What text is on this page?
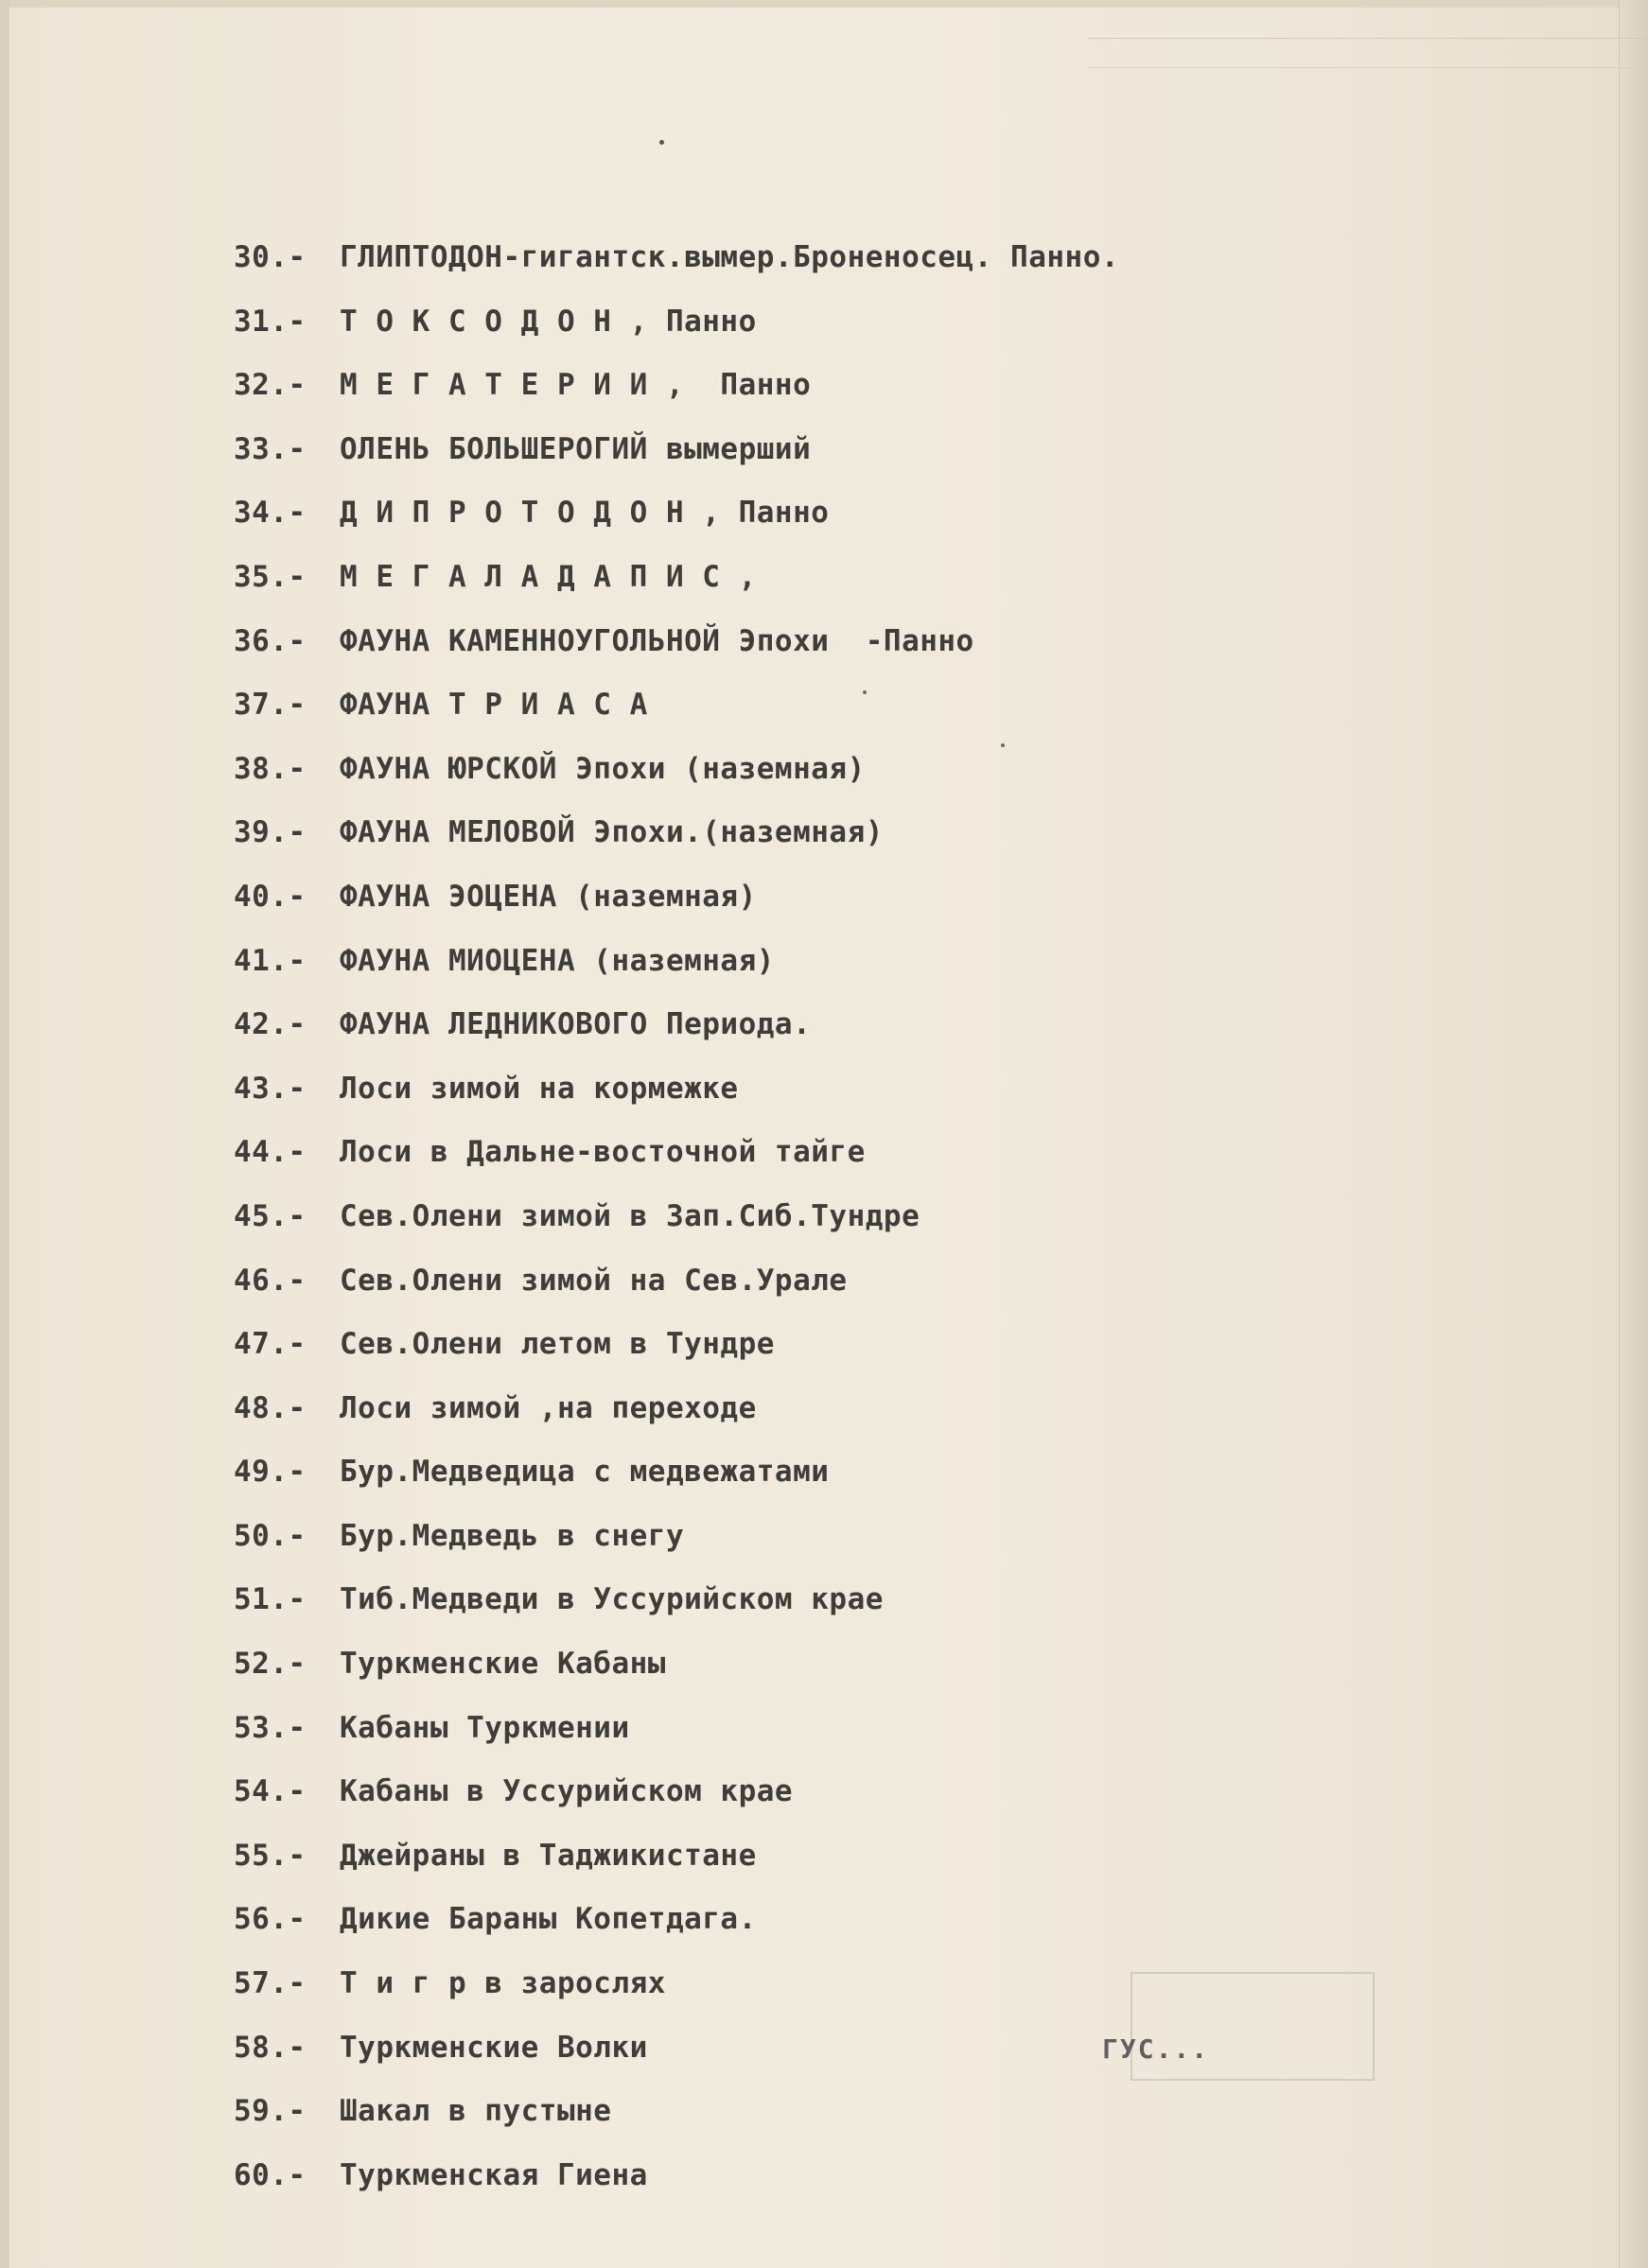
30.- ГЛИПТОДОН-гигантск.вымер.Броненосец. Панно.
31.- Т О К С О Д О Н , Панно
32.- М Е Г А Т Е Р И И ,  Панно
33.- ОЛЕНЬ БОЛЬШЕРОГИЙ вымерший
34.- Д И П Р О Т О Д О Н , Панно
35.- М Е Г А Л А Д А П И С ,
36.- ФАУНА КАМЕННОУГОЛЬНОЙ Эпохи  -Панно
37.- ФАУНА Т Р И А С А
38.- ФАУНА ЮРСКОЙ Эпохи (наземная)
39.- ФАУНА МЕЛОВОЙ Эпохи.(наземная)
40.- ФАУНА ЭОЦЕНА (наземная)
41.- ФАУНА МИОЦЕНА (наземная)
42.- ФАУНА ЛЕДНИКОВОГО Периода.
43.- Лоси зимой на кормежке
44.- Лоси в Дальне-восточной тайге
45.- Сев.Олени зимой в Зап.Сиб.Тундре
46.- Сев.Олени зимой на Сев.Урале
47.- Сев.Олени летом в Тундре
48.- Лоси зимой ,на переходе
49.- Бур.Медведица с медвежатами
50.- Бур.Медведь в снегу
51.- Тиб.Медведи в Уссурийском крае
52.- Туркменские Кабаны
53.- Кабаны Туркмении
54.- Кабаны в Уссурийском крае
55.- Джейраны в Таджикистане
56.- Дикие Бараны Копетдага.
57.- Т и г р в зарослях
58.- Туркменские Волки
59.- Шакал в пустыне
60.- Туркменская Гиена
ГУС...
